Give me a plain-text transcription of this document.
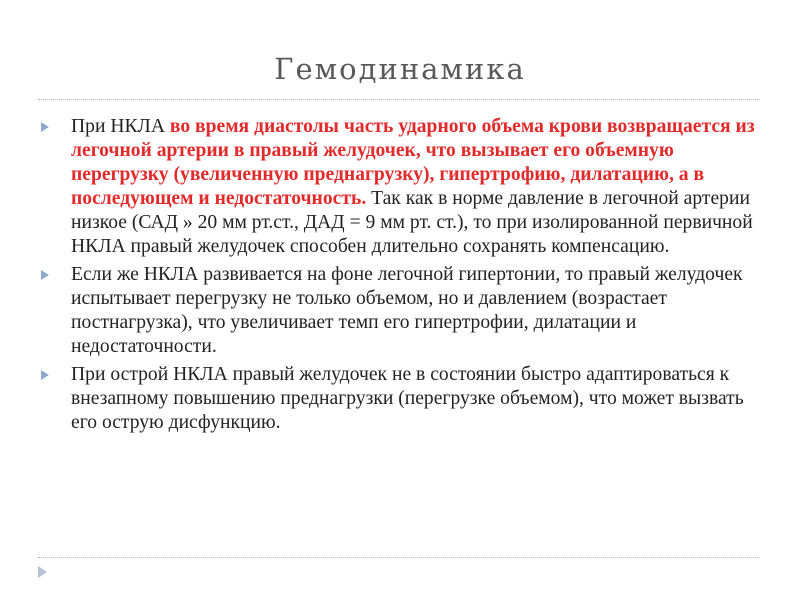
Гемодинамика
При НКЛА во время диастолы часть ударного объема крови возвращается из легочной артерии в правый желудочек, что вызывает его объемную перегрузку (увеличенную преднагрузку), гипертрофию, дилатацию, а в последующем и недостаточность. Так как в норме давление в легочной артерии низкое (САД » 20 мм рт.ст., ДАД = 9 мм рт. ст.), то при изолированной первичной НКЛА правый желудочек способен длительно сохранять компенсацию.
Если же НКЛА развивается на фоне легочной гипертонии, то правый желудочек испытывает перегрузку не только объемом, но и давлением (возрастает постнагрузка), что увеличивает темп его гипертрофии, дилатации и недостаточности.
При острой НКЛА правый желудочек не в состоянии быстро адаптироваться к внезапному повышению преднагрузки (перегрузке объемом), что может вызвать его острую дисфункцию.
